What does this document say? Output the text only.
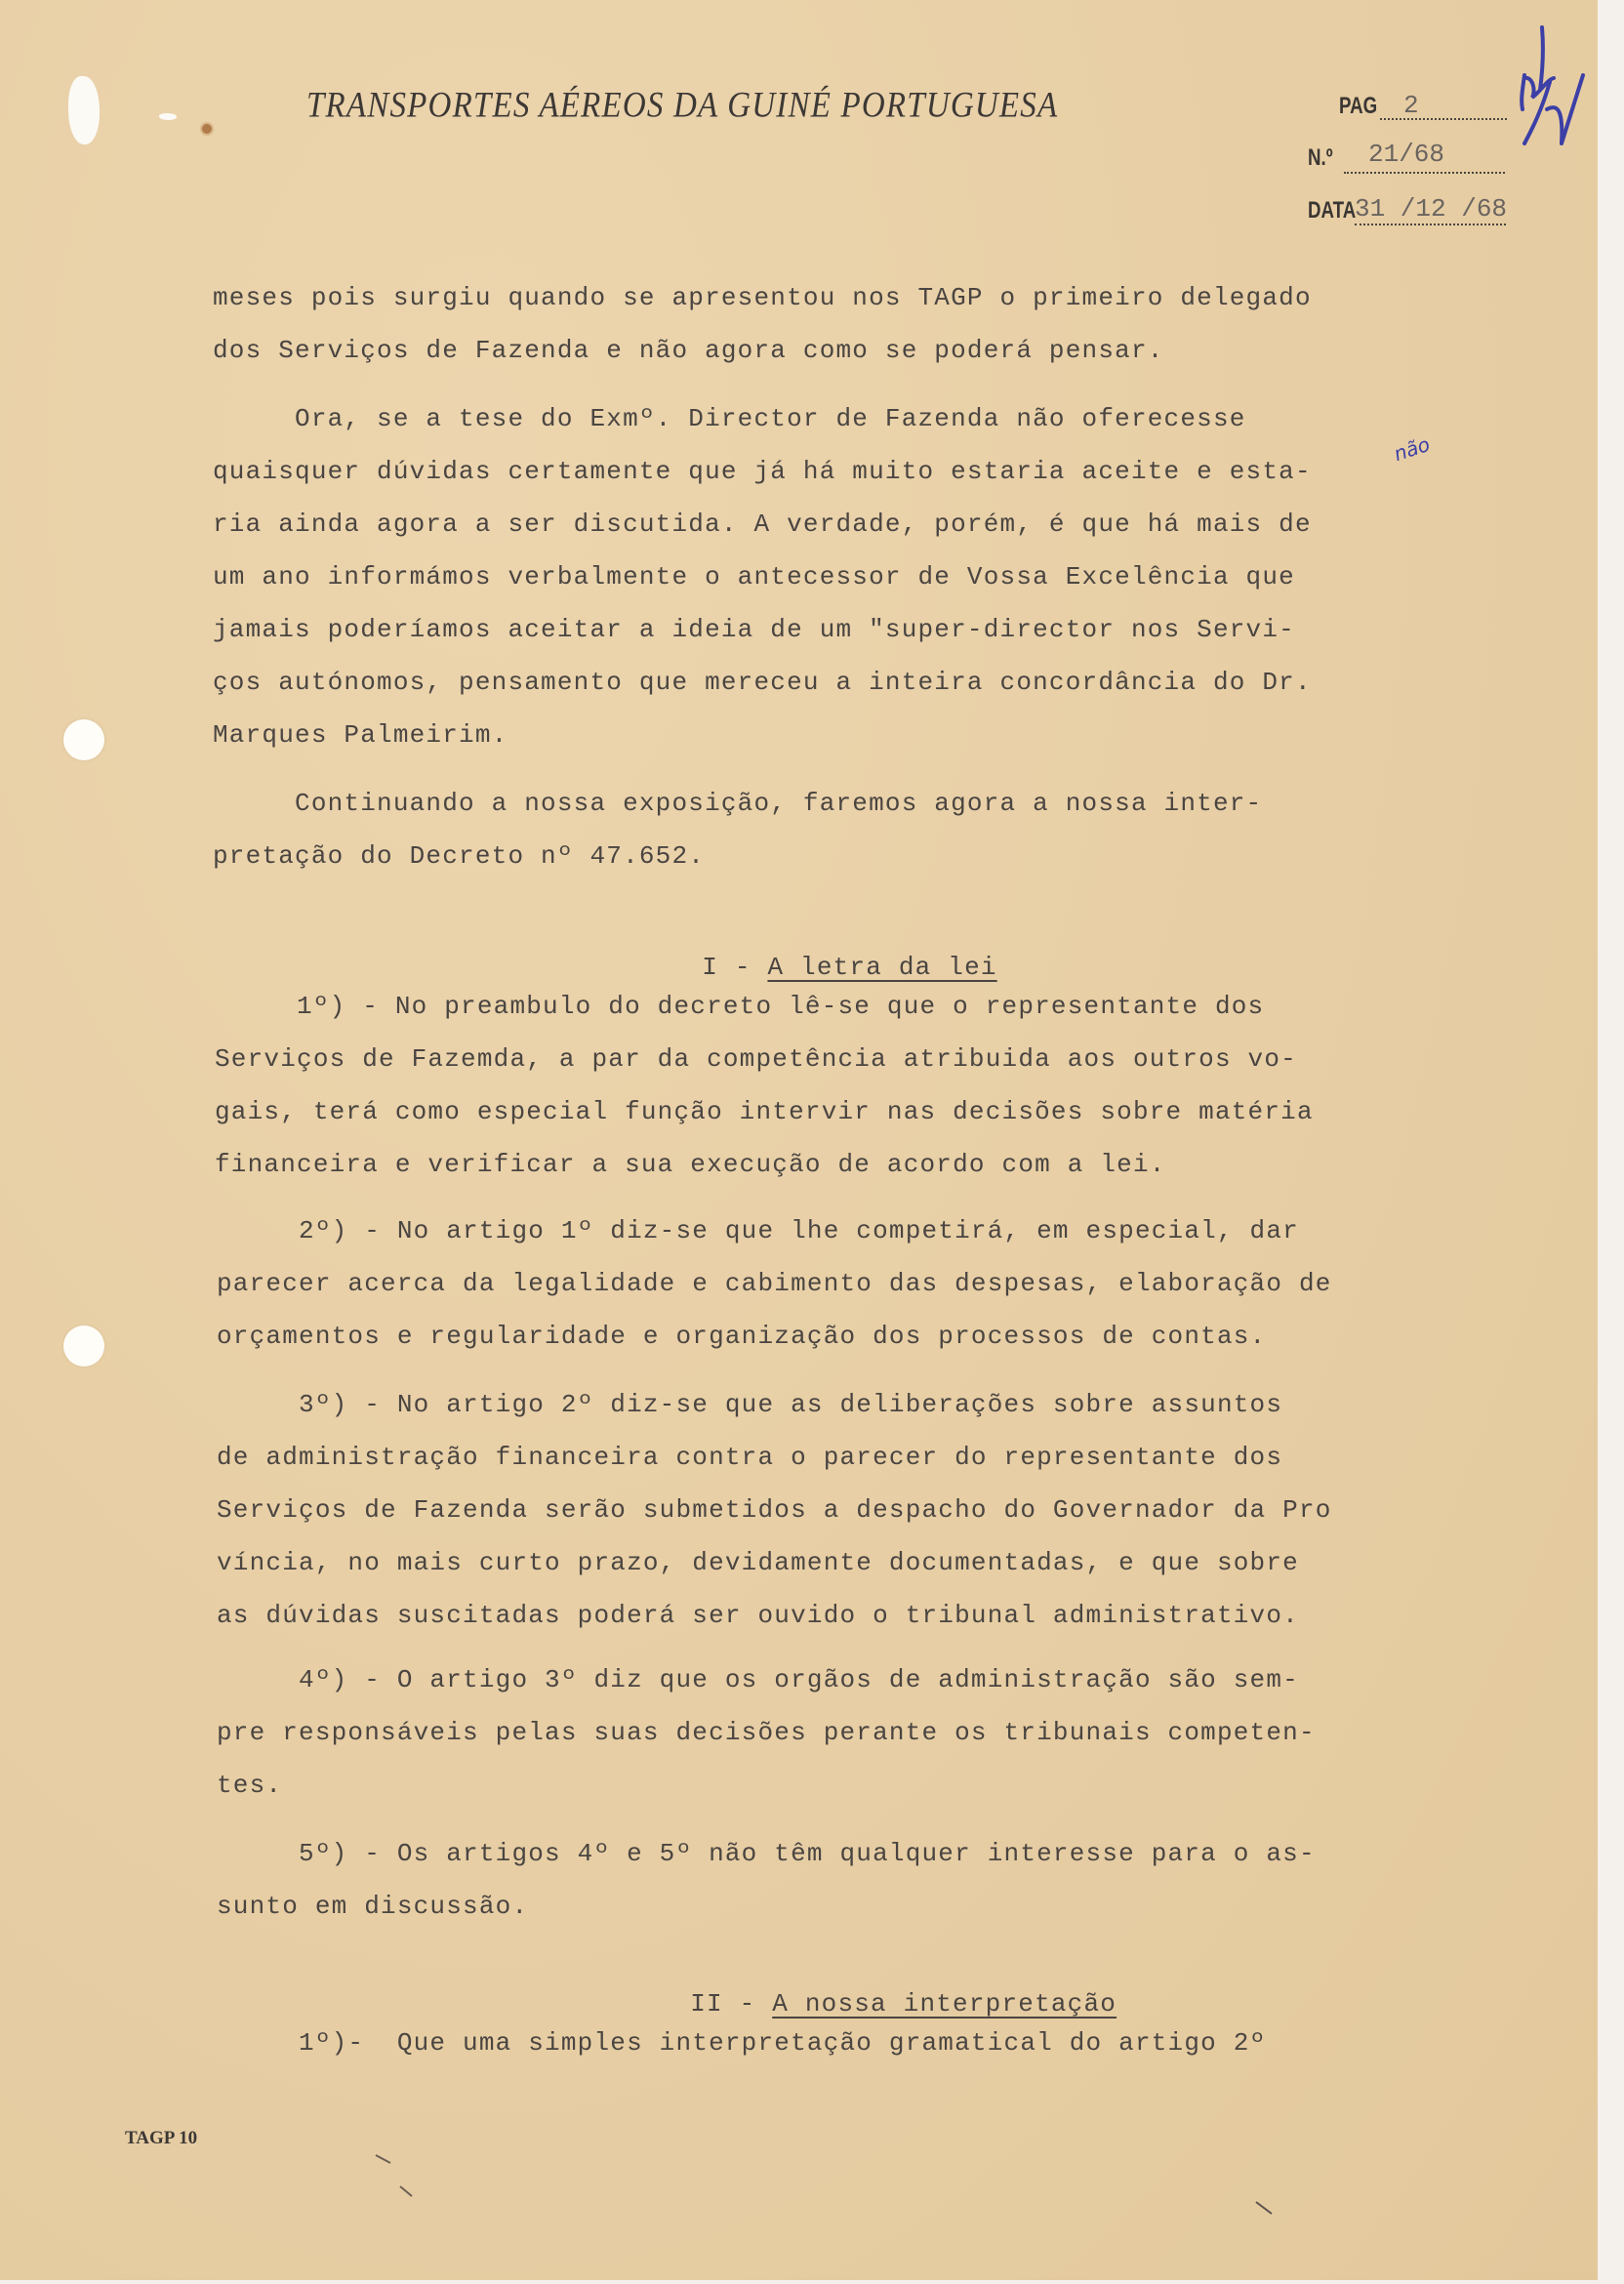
TRANSPORTES AÉREOS DA GUINÉ PORTUGUESA	PAG 2
N.º 21/68
DATA
31 /12 /68
meses pois surgiu quando se apresentou nos TAGP o primeiro delegado
dos Serviços de Fazenda e não agora como se poderá pensar.
Ora, se a tese do Exmº. Director de Fazenda não oferecesse
quaisquer dúvidas certamente que já há muito estaria aceite e esta-
não
ria ainda agora a ser discutida. A verdade, porém, é que há mais de
um ano informámos verbalmente o antecessor de Vossa Excelência que
jamais poderíamos aceitar a ideia de um "super-director nos Servi-
ços autónomos, pensamento que mereceu a inteira concordância do Dr.
Marques Palmeirim.
Continuando a nossa exposição, faremos agora a nossa inter-
pretação do Decreto nº 47.652.

I - A letra da lei

1º) - No preambulo do decreto lê-se que o representante dos
Serviços de Fazemda, a par da competência atribuida aos outros vo-
gais, terá como especial função intervir nas decisões sobre matéria
financeira e verificar a sua execução de acordo com a lei.
2º) - No artigo 1º diz-se que lhe competirá, em especial, dar
parecer acerca da legalidade e cabimento das despesas, elaboração de
orçamentos e regularidade e organização dos processos de contas.
3º) - No artigo 2º diz-se que as deliberações sobre assuntos
de administração financeira contra o parecer do representante dos
Serviços de Fazenda serão submetidos a despacho do Governador da Pro
víncia, no mais curto prazo, devidamente documentadas, e que sobre
as dúvidas suscitadas poderá ser ouvido o tribunal administrativo.
4º) - O artigo 3º diz que os orgãos de administração são sem-
pre responsáveis pelas suas decisões perante os tribunais competen-
tes.
5º) - Os artigos 4º e 5º não têm qualquer interesse para o as-
sunto em discussão.

II - A nossa interpretação

1º)-  Que uma simples interpretação gramatical do artigo 2º
TAGP 10
